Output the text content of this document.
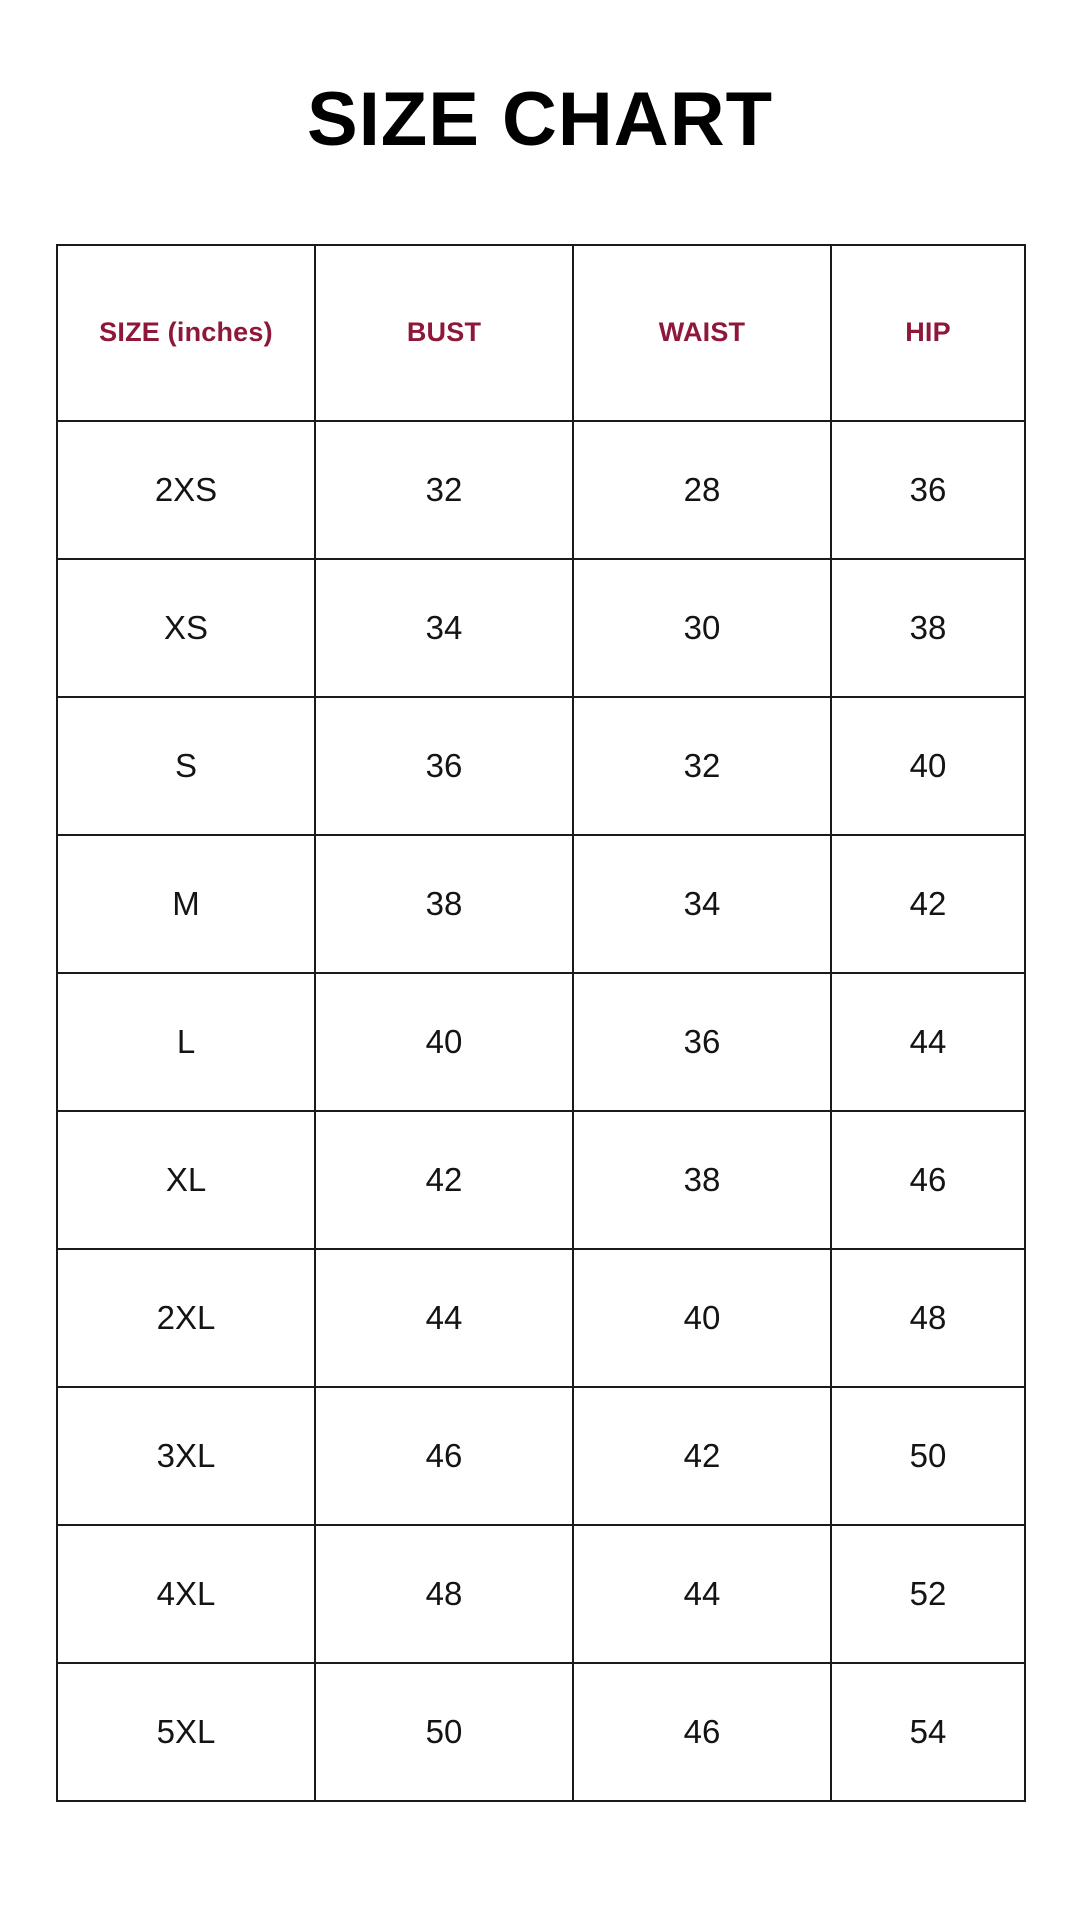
SIZE CHART
SIZE (inches)	BUST	WAIST	HIP
2XS	32	28	36
XS	34	30	38
S	36	32	40
M	38	34	42
L	40	36	44
XL	42	38	46
2XL	44	40	48
3XL	46	42	50
4XL	48	44	52
5XL	50	46	54
